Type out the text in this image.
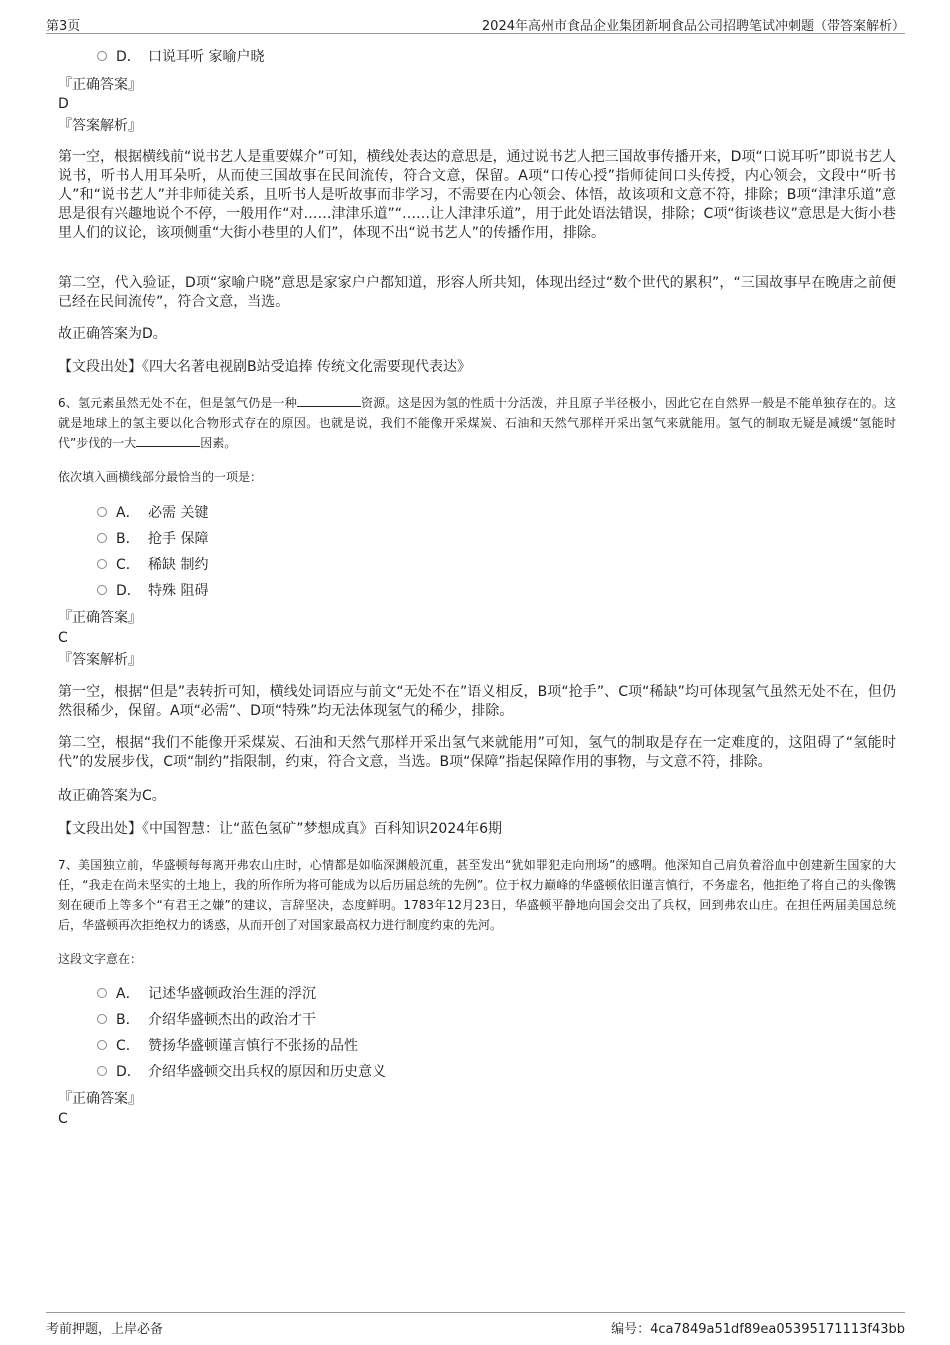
第3页	2024年高州市食品企业集团新垌食品公司招聘笔试冲刺题（带答案解析）
D． 口说耳听 家喻户晓
『正确答案』
D
『答案解析』
第一空，根据横线前“说书艺人是重要媒介”可知，横线处表达的意思是，通过说书艺人把三国故事传播开来，D项“口说耳听”即说书艺人说书，听书人用耳朵听，从而使三国故事在民间流传，符合文意，保留。A项“口传心授”指师徒间口头传授，内心领会，文段中“听书人”和“说书艺人”并非师徒关系，且听书人是听故事而非学习，不需要在内心领会、体悟，故该项和文意不符，排除；B项“津津乐道”意思是很有兴趣地说个不停，一般用作“对……津津乐道”“……让人津津乐道”，用于此处语法错误，排除；C项“街谈巷议”意思是大街小巷里人们的议论，该项侧重“大街小巷里的人们”，体现不出“说书艺人”的传播作用，排除。
第二空，代入验证，D项“家喻户晓”意思是家家户户都知道，形容人所共知，体现出经过“数个世代的累积”，“三国故事早在晚唐之前便已经在民间流传”，符合文意，当选。
故正确答案为D。
【文段出处】《四大名著电视剧B站受追捧 传统文化需要现代表达》
6、氢元素虽然无处不在，但是氢气仍是一种	资源。这是因为氢的性质十分活泼，并且原子半径极小，因此它在自然界一般是不能单独存在的。这就是地球上的氢主要以化合物形式存在的原因。也就是说，我们不能像开采煤炭、石油和天然气那样开采出氢气来就能用。氢气的制取无疑是减缓“氢能时代”步伐的一大	因素。
依次填入画横线部分最恰当的一项是：
A． 必需 关键
B． 抢手 保障
C． 稀缺 制约
D． 特殊 阻碍
『正确答案』
C
『答案解析』
第一空，根据“但是”表转折可知，横线处词语应与前文“无处不在”语义相反，B项“抢手”、C项“稀缺”均可体现氢气虽然无处不在，但仍然很稀少，保留。A项“必需”、D项“特殊”均无法体现氢气的稀少，排除。
第二空，根据“我们不能像开采煤炭、石油和天然气那样开采出氢气来就能用”可知，氢气的制取是存在一定难度的，这阻碍了“氢能时代”的发展步伐，C项“制约”指限制，约束，符合文意，当选。B项“保障”指起保障作用的事物，与文意不符，排除。
故正确答案为C。
【文段出处】《中国智慧：让“蓝色氢矿”梦想成真》百科知识2024年6期
7、美国独立前，华盛顿每每离开弗农山庄时，心情都是如临深渊般沉重，甚至发出“犹如罪犯走向刑场”的感喟。他深知自己肩负着浴血中创建新生国家的大任，“我走在尚未坚实的土地上，我的所作所为将可能成为以后历届总统的先例”。位于权力巅峰的华盛顿依旧谨言慎行，不务虚名，他拒绝了将自己的头像镌刻在硬币上等多个“有君王之嫌”的建议，言辞坚决，态度鲜明。1783年12月23日，华盛顿平静地向国会交出了兵权，回到弗农山庄。在担任两届美国总统后，华盛顿再次拒绝权力的诱惑，从而开创了对国家最高权力进行制度约束的先河。
这段文字意在：
A． 记述华盛顿政治生涯的浮沉
B． 介绍华盛顿杰出的政治才干
C． 赞扬华盛顿谨言慎行不张扬的品性
D． 介绍华盛顿交出兵权的原因和历史意义
『正确答案』
C
考前押题，上岸必备	编号：4ca7849a51df89ea05395171113f43bb
